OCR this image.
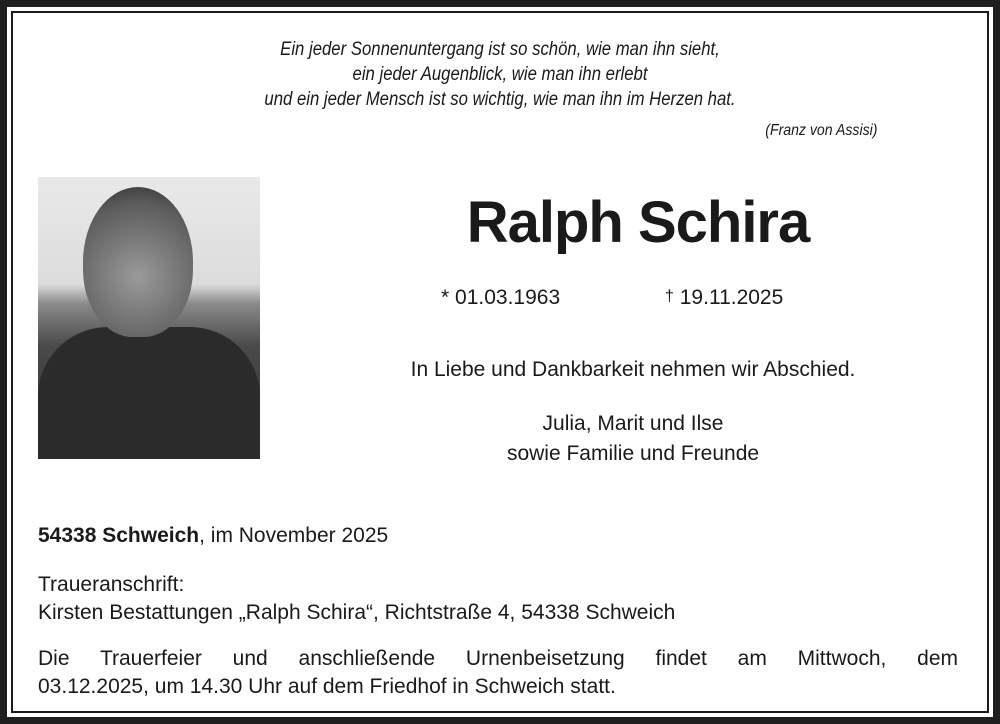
Ein jeder Sonnenuntergang ist so schön, wie man ihn sieht,
ein jeder Augenblick, wie man ihn erlebt
und ein jeder Mensch ist so wichtig, wie man ihn im Herzen hat.
(Franz von Assisi)
Ralph Schira
* 01.03.1963	† 19.11.2025
In Liebe und Dankbarkeit nehmen wir Abschied.
Julia, Marit und Ilse
sowie Familie und Freunde
54338 Schweich, im November 2025
Traueranschrift:
Kirsten Bestattungen „Ralph Schira“, Richtstraße 4, 54338 Schweich
Die Trauerfeier und anschließende Urnenbeisetzung findet am Mittwoch, dem
03.12.2025, um 14.30 Uhr auf dem Friedhof in Schweich statt.
